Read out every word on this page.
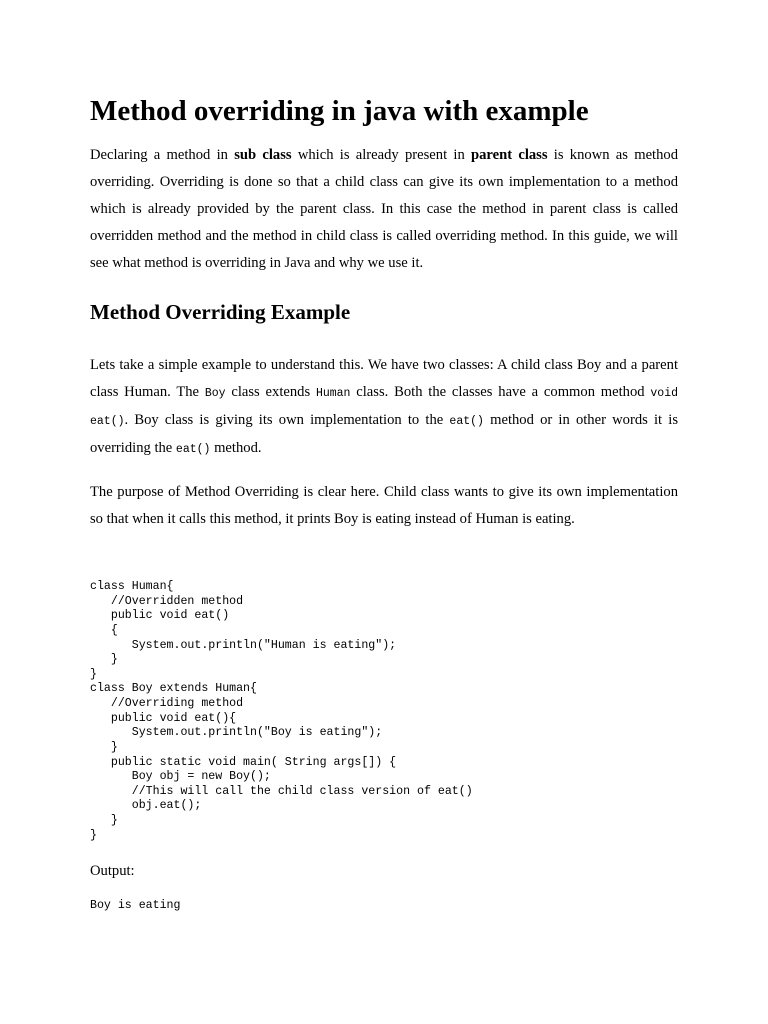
Method overriding in java with example

Declaring a method in sub class which is already present in parent class is known as method overriding. Overriding is done so that a child class can give its own implementation to a method which is already provided by the parent class. In this case the method in parent class is called overridden method and the method in child class is called overriding method. In this guide, we will see what method is overriding in Java and why we use it.

Method Overriding Example

Lets take a simple example to understand this. We have two classes: A child class Boy and a parent class Human. The Boy class extends Human class. Both the classes have a common method void eat(). Boy class is giving its own implementation to the eat() method or in other words it is overriding the eat() method.

The purpose of Method Overriding is clear here. Child class wants to give its own implementation so that when it calls this method, it prints Boy is eating instead of Human is eating.

class Human{
//Overridden method
public void eat()
{
System.out.println("Human is eating");
}
}
class Boy extends Human{
//Overriding method
public void eat(){
System.out.println("Boy is eating");
}
public static void main( String args[]) {
Boy obj = new Boy();
//This will call the child class version of eat()
obj.eat();
}
}

Output:

Boy is eating
